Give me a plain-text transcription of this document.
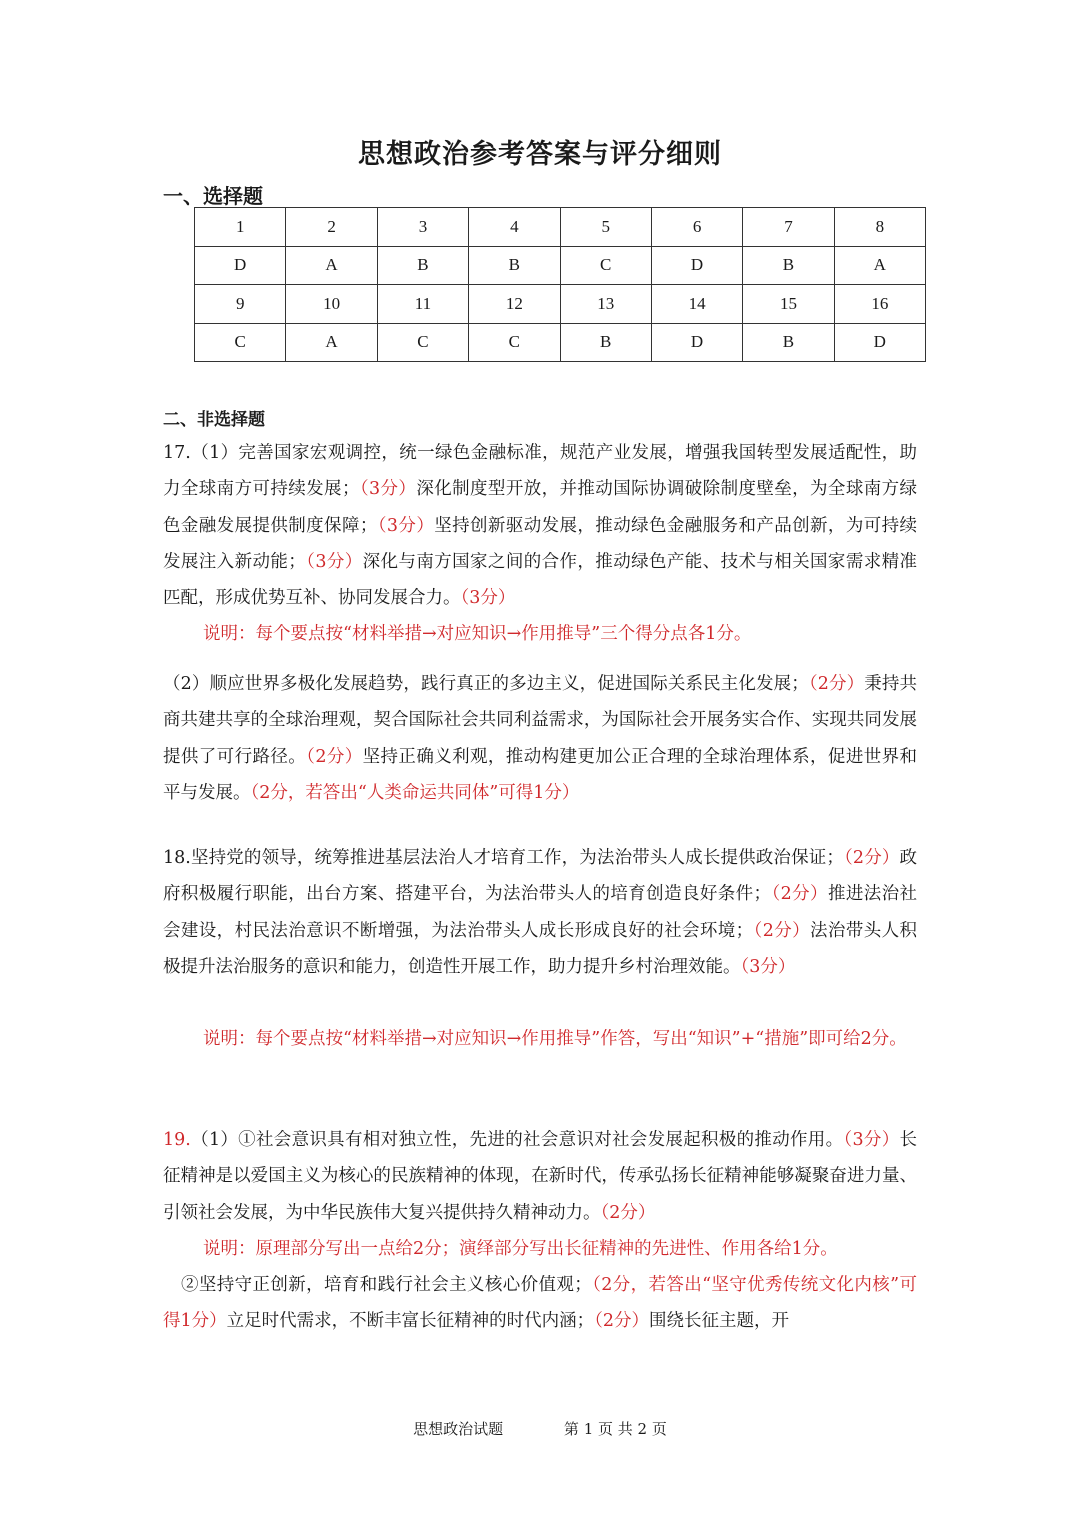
思想政治参考答案与评分细则
一、选择题
1	2	3	4	5	6	7	8
D	A	B	B	C	D	B	A
9	10	11	12	13	14	15	16
C	A	C	C	B	D	B	D
二、非选择题
17.（1）完善国家宏观调控，统一绿色金融标准，规范产业发展，增强我国转型发展适配性，助力全球南方可持续发展；（3分）深化制度型开放，并推动国际协调破除制度壁垒，为全球南方绿色金融发展提供制度保障；（3分）坚持创新驱动发展，推动绿色金融服务和产品创新，为可持续发展注入新动能；（3分）深化与南方国家之间的合作，推动绿色产能、技术与相关国家需求精准匹配，形成优势互补、协同发展合力。（3分）
说明：每个要点按“材料举措→对应知识→作用推导”三个得分点各1分。
（2）顺应世界多极化发展趋势，践行真正的多边主义，促进国际关系民主化发展；（2分）秉持共商共建共享的全球治理观，契合国际社会共同利益需求，为国际社会开展务实合作、实现共同发展提供了可行路径。（2分）坚持正确义利观，推动构建更加公正合理的全球治理体系，促进世界和平与发展。（2分，若答出“人类命运共同体”可得1分）
18.坚持党的领导，统筹推进基层法治人才培育工作，为法治带头人成长提供政治保证；（2分）政府积极履行职能，出台方案、搭建平台，为法治带头人的培育创造良好条件；（2分）推进法治社会建设，村民法治意识不断增强，为法治带头人成长形成良好的社会环境；（2分）法治带头人积极提升法治服务的意识和能力，创造性开展工作，助力提升乡村治理效能。（3分）
说明：每个要点按“材料举措→对应知识→作用推导”作答，写出“知识”+“措施”即可给2分。
19.（1）①社会意识具有相对独立性，先进的社会意识对社会发展起积极的推动作用。（3分）长征精神是以爱国主义为核心的民族精神的体现，在新时代，传承弘扬长征精神能够凝聚奋进力量、引领社会发展，为中华民族伟大复兴提供持久精神动力。（2分）
说明：原理部分写出一点给2分；演绎部分写出长征精神的先进性、作用各给1分。
②坚持守正创新，培育和践行社会主义核心价值观；（2分，若答出“坚守优秀传统文化内核”可得1分）立足时代需求，不断丰富长征精神的时代内涵；（2分）围绕长征主题，开
思想政治试题	第 1 页 共 2 页
